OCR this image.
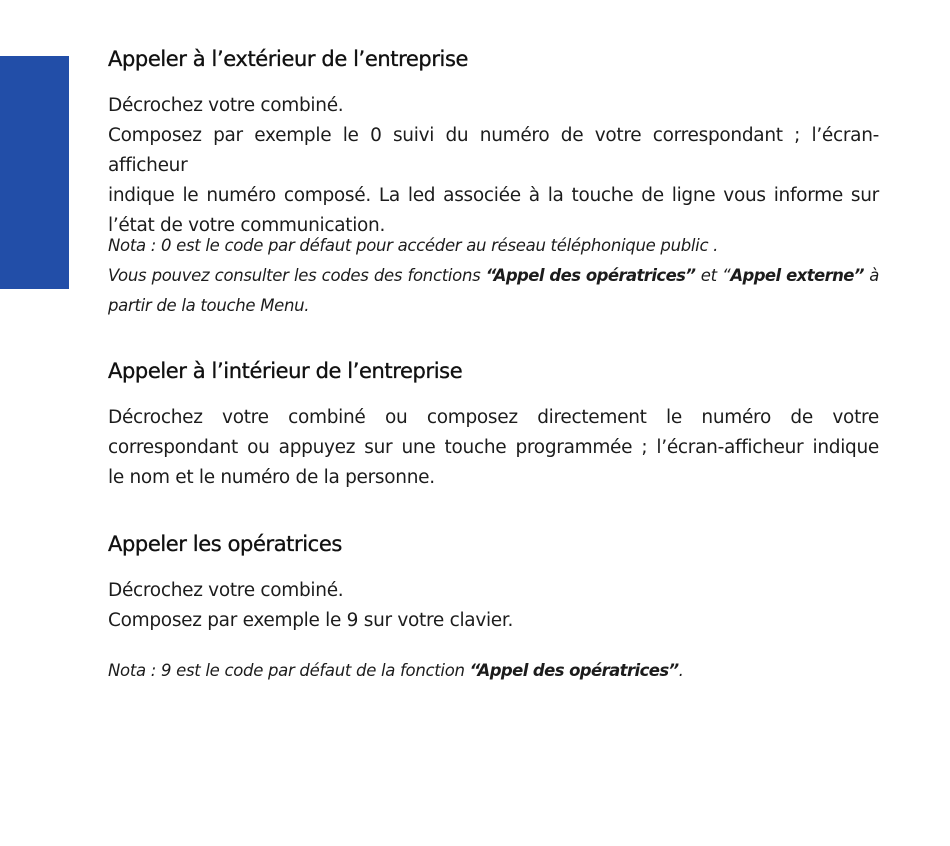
Appeler à l’extérieur de l’entreprise
Décrochez votre combiné.
Composez par exemple le 0 suivi du numéro de votre correspondant ; l’écran-afficheur
indique le numéro composé. La led associée à la touche de ligne vous informe sur
l’état de votre communication.
Nota : 0 est le code par défaut pour accéder au réseau téléphonique public .
Vous pouvez consulter les codes des fonctions “Appel des opératrices” et “Appel externe” à
partir de la touche Menu.
Appeler à l’intérieur de l’entreprise
Décrochez votre combiné ou composez directement le numéro de votre
correspondant ou appuyez sur une touche programmée ; l’écran-afficheur indique
le nom et le numéro de la personne.
Appeler les opératrices
Décrochez votre combiné.
Composez par exemple le 9 sur votre clavier.
Nota : 9 est le code par défaut de la fonction “Appel des opératrices”.
